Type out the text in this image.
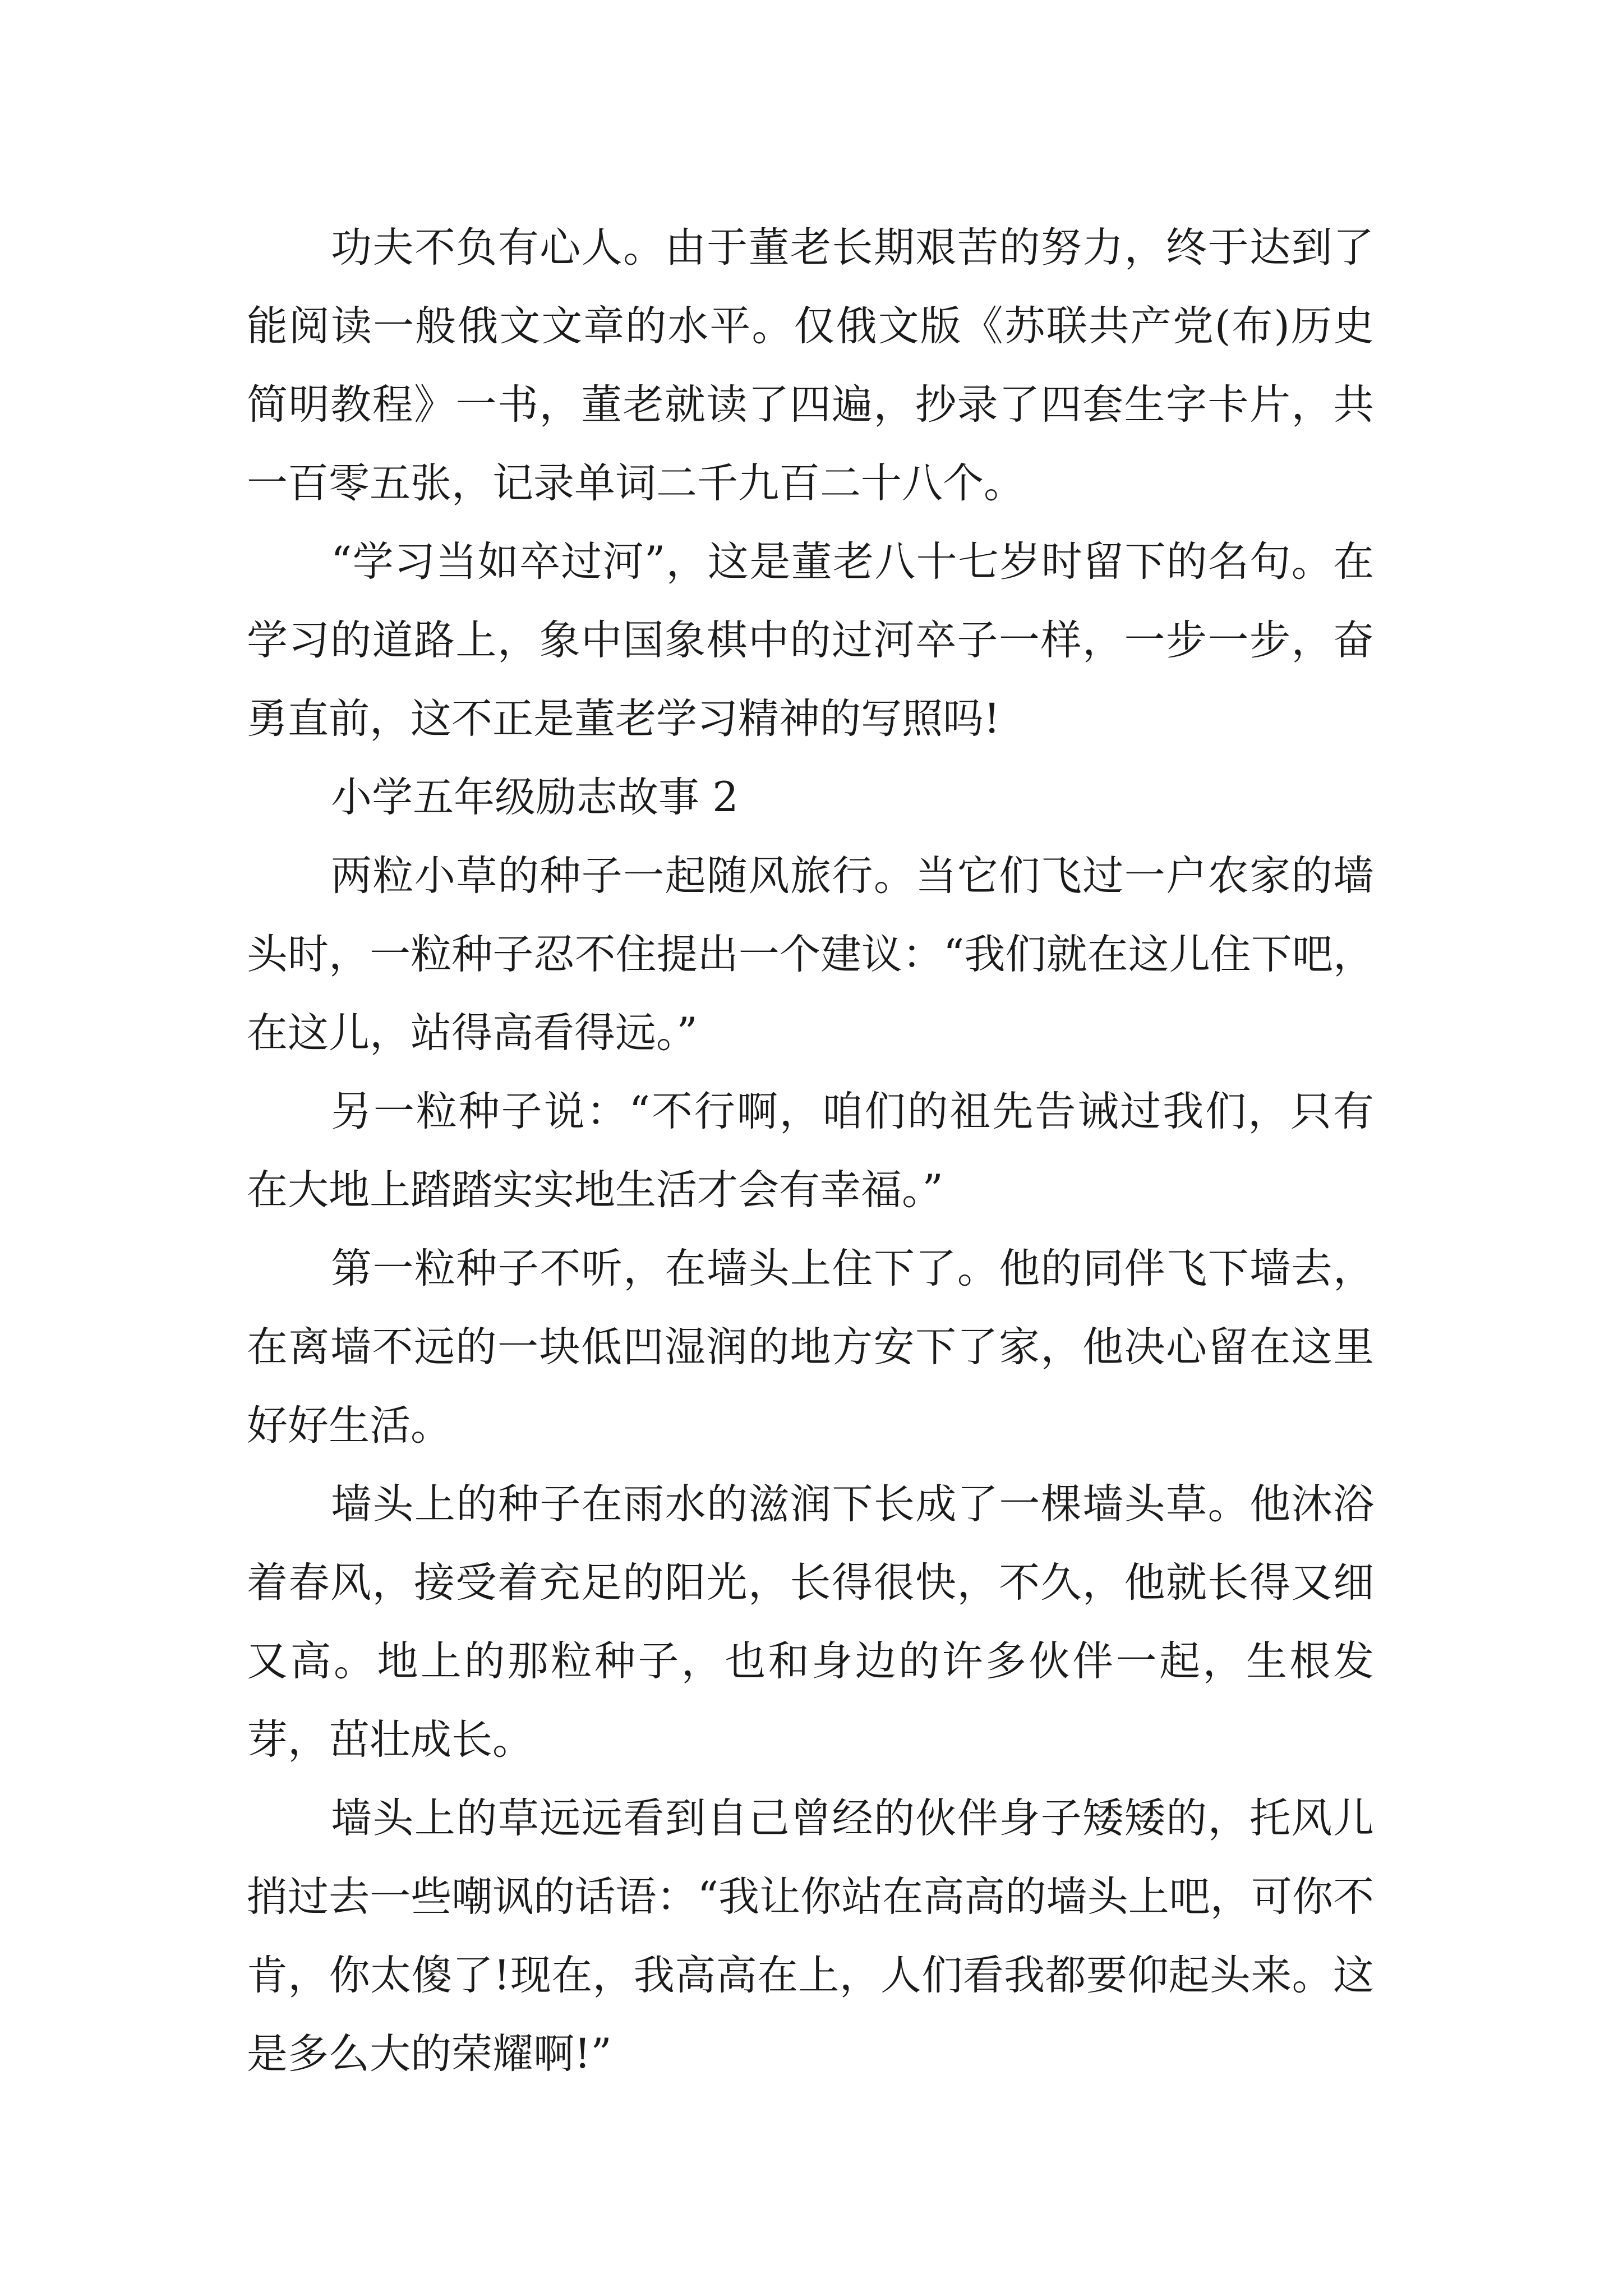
功夫不负有心人。由于董老长期艰苦的努力，终于达到了能阅读一般俄文文章的水平。仅俄文版《苏联共产党(布)历史简明教程》一书，董老就读了四遍，抄录了四套生字卡片，共一百零五张，记录单词二千九百二十八个。

“学习当如卒过河”，这是董老八十七岁时留下的名句。在学习的道路上，象中国象棋中的过河卒子一样，一步一步，奋勇直前，这不正是董老学习精神的写照吗!

小学五年级励志故事 2

两粒小草的种子一起随风旅行。当它们飞过一户农家的墙头时，一粒种子忍不住提出一个建议：“我们就在这儿住下吧，在这儿，站得高看得远。”

另一粒种子说：“不行啊，咱们的祖先告诫过我们，只有在大地上踏踏实实地生活才会有幸福。”

第一粒种子不听，在墙头上住下了。他的同伴飞下墙去，在离墙不远的一块低凹湿润的地方安下了家，他决心留在这里好好生活。

墙头上的种子在雨水的滋润下长成了一棵墙头草。他沐浴着春风，接受着充足的阳光，长得很快，不久，他就长得又细又高。地上的那粒种子，也和身边的许多伙伴一起，生根发芽，茁壮成长。

墙头上的草远远看到自己曾经的伙伴身子矮矮的，托风儿捎过去一些嘲讽的话语：“我让你站在高高的墙头上吧，可你不肯，你太傻了!现在，我高高在上，人们看我都要仰起头来。这是多么大的荣耀啊!”
